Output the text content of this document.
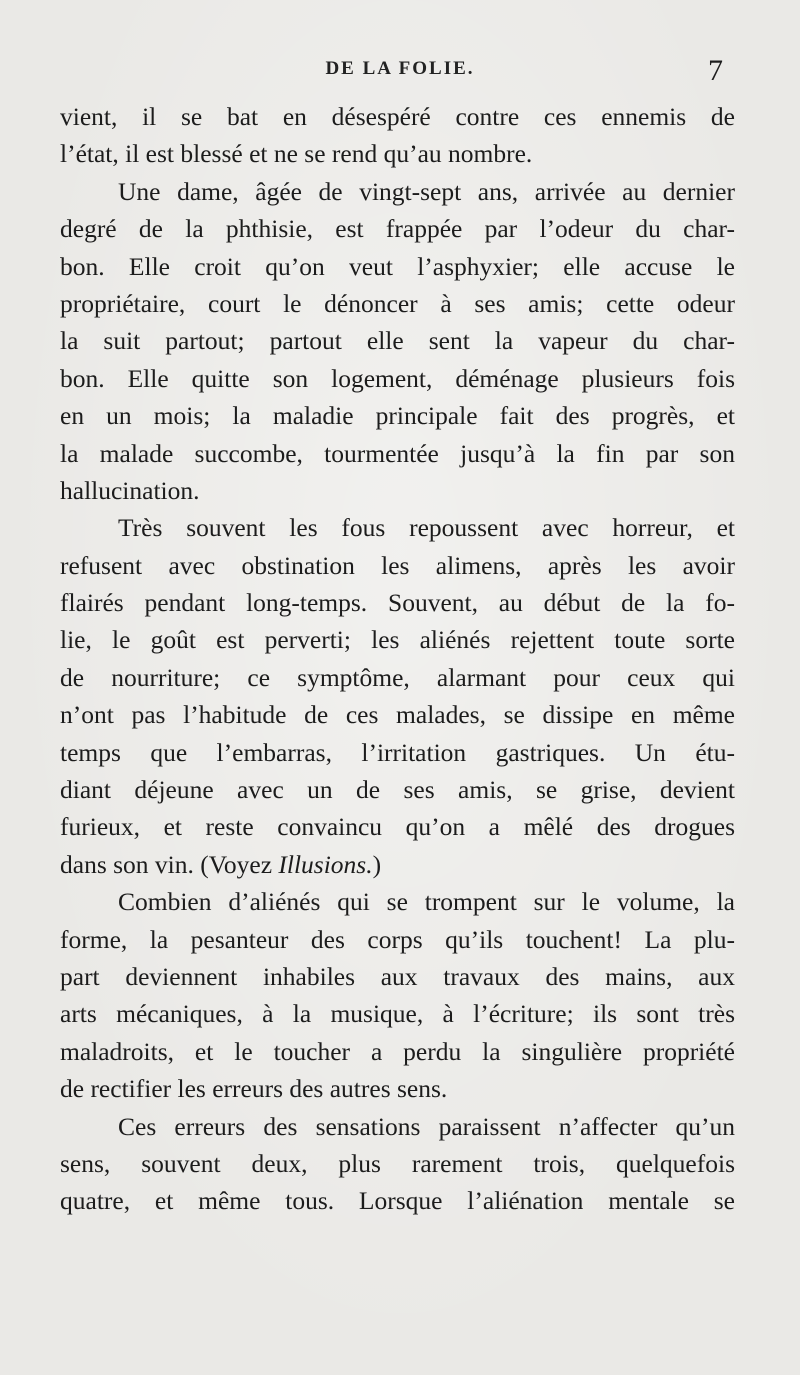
DE LA FOLIE.	7
vient, il se bat en désespéré contre ces ennemis de
l’état, il est blessé et ne se rend qu’au nombre.
Une dame, âgée de vingt-sept ans, arrivée au dernier
degré de la phthisie, est frappée par l’odeur du char-
bon. Elle croit qu’on veut l’asphyxier; elle accuse le
propriétaire, court le dénoncer à ses amis; cette odeur
la suit partout; partout elle sent la vapeur du char-
bon. Elle quitte son logement, déménage plusieurs fois
en un mois; la maladie principale fait des progrès, et
la malade succombe, tourmentée jusqu’à la fin par son
hallucination.
Très souvent les fous repoussent avec horreur, et
refusent avec obstination les alimens, après les avoir
flairés pendant long-temps. Souvent, au début de la fo-
lie, le goût est perverti; les aliénés rejettent toute sorte
de nourriture; ce symptôme, alarmant pour ceux qui
n’ont pas l’habitude de ces malades, se dissipe en même
temps que l’embarras, l’irritation gastriques. Un étu-
diant déjeune avec un de ses amis, se grise, devient
furieux, et reste convaincu qu’on a mêlé des drogues
dans son vin. (Voyez Illusions.)
Combien d’aliénés qui se trompent sur le volume, la
forme, la pesanteur des corps qu’ils touchent! La plu-
part deviennent inhabiles aux travaux des mains, aux
arts mécaniques, à la musique, à l’écriture; ils sont très
maladroits, et le toucher a perdu la singulière propriété
de rectifier les erreurs des autres sens.
Ces erreurs des sensations paraissent n’affecter qu’un
sens, souvent deux, plus rarement trois, quelquefois
quatre, et même tous. Lorsque l’aliénation mentale se
